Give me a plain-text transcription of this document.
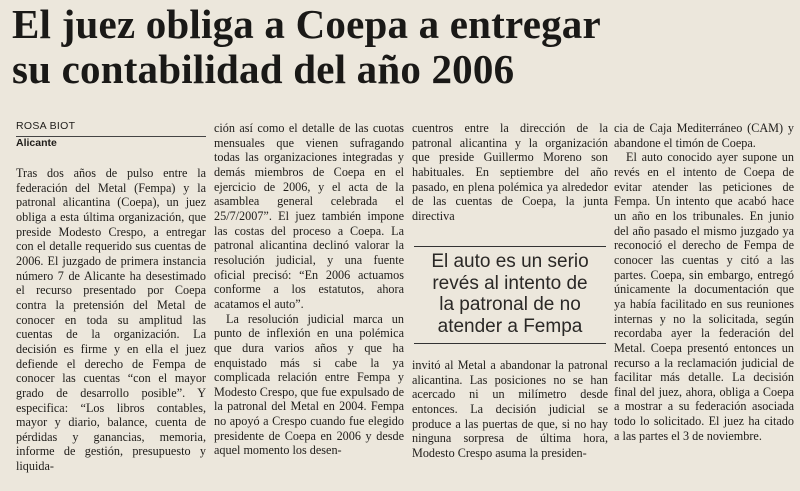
El juez obliga a Coepa a entregar
su contabilidad del año 2006
ROSA BIOT
Alicante

Tras dos años de pulso entre la federación del Metal (Fempa) y la patronal alicantina (Coepa), un juez obliga a esta última organización, que preside Modesto Crespo, a entregar con el detalle requerido sus cuentas de 2006. El juzgado de primera instancia número 7 de Alicante ha desestimado el recurso presentado por Coepa contra la pretensión del Metal de conocer en toda su amplitud las cuentas de la organización. La decisión es firme y en ella el juez defiende el derecho de Fempa de conocer las cuentas “con el mayor grado de desarrollo posible”. Y especifica: “Los libros contables, mayor y diario, balance, cuenta de pérdidas y ganancias, memoria, informe de gestión, presupuesto y liquida-

ción así como el detalle de las cuotas mensuales que vienen sufragando todas las organizaciones integradas y demás miembros de Coepa en el ejercicio de 2006, y el acta de la asamblea general celebrada el 25/7/2007”. El juez también impone las costas del proceso a Coepa. La patronal alicantina declinó valorar la resolución judicial, y una fuente oficial precisó: “En 2006 actuamos conforme a los estatutos, ahora acatamos el auto”.

La resolución judicial marca un punto de inflexión en una polémica que dura varios años y que ha enquistado más si cabe la ya complicada relación entre Fempa y Modesto Crespo, que fue expulsado de la patronal del Metal en 2004. Fempa no apoyó a Crespo cuando fue elegido presidente de Coepa en 2006 y desde aquel momento los desen-

cuentros entre la dirección de la patronal alicantina y la organización que preside Guillermo Moreno son habituales. En septiembre del año pasado, en plena polémica ya alrededor de las cuentas de Coepa, la junta directiva

El auto es un serio
revés al intento de
la patronal de no
atender a Fempa

invitó al Metal a abandonar la patronal alicantina. Las posiciones no se han acercado ni un milímetro desde entonces. La decisión judicial se produce a las puertas de que, si no hay ninguna sorpresa de última hora, Modesto Crespo asuma la presiden-

cia de Caja Mediterráneo (CAM) y abandone el timón de Coepa.

El auto conocido ayer supone un revés en el intento de Coepa de evitar atender las peticiones de Fempa. Un intento que acabó hace un año en los tribunales. En junio del año pasado el mismo juzgado ya reconoció el derecho de Fempa de conocer las cuentas y citó a las partes. Coepa, sin embargo, entregó únicamente la documentación que ya había facilitado en sus reuniones internas y no la solicitada, según recordaba ayer la federación del Metal. Coepa presentó entonces un recurso a la reclamación judicial de facilitar más detalle. La decisión final del juez, ahora, obliga a Coepa a mostrar a su federación asociada todo lo solicitado. El juez ha citado a las partes el 3 de noviembre.
